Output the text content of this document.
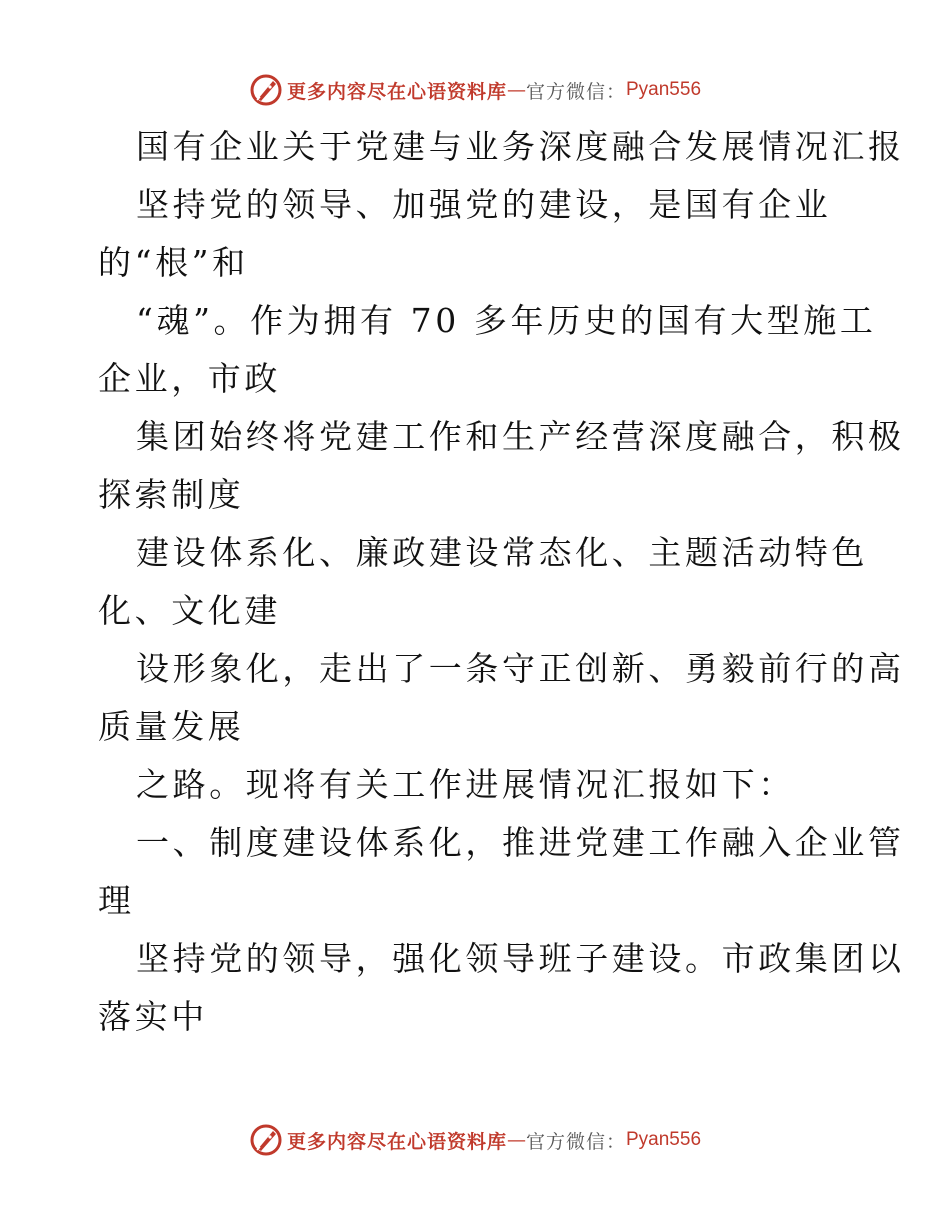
更多内容尽在心语资料库 — 官方微信： Pyan556
国有企业关于党建与业务深度融合发展情况汇报
坚持党的领导、加强党的建设，是国有企业
的“根”和
“魂”。作为拥有 70 多年历史的国有大型施工
企业，市政
集团始终将党建工作和生产经营深度融合，积极
探索制度
建设体系化、廉政建设常态化、主题活动特色
化、文化建
设形象化，走出了一条守正创新、勇毅前行的高
质量发展
之路。现将有关工作进展情况汇报如下：
一、制度建设体系化，推进党建工作融入企业管
理
坚持党的领导，强化领导班子建设。市政集团以
落实中
更多内容尽在心语资料库 — 官方微信： Pyan556
